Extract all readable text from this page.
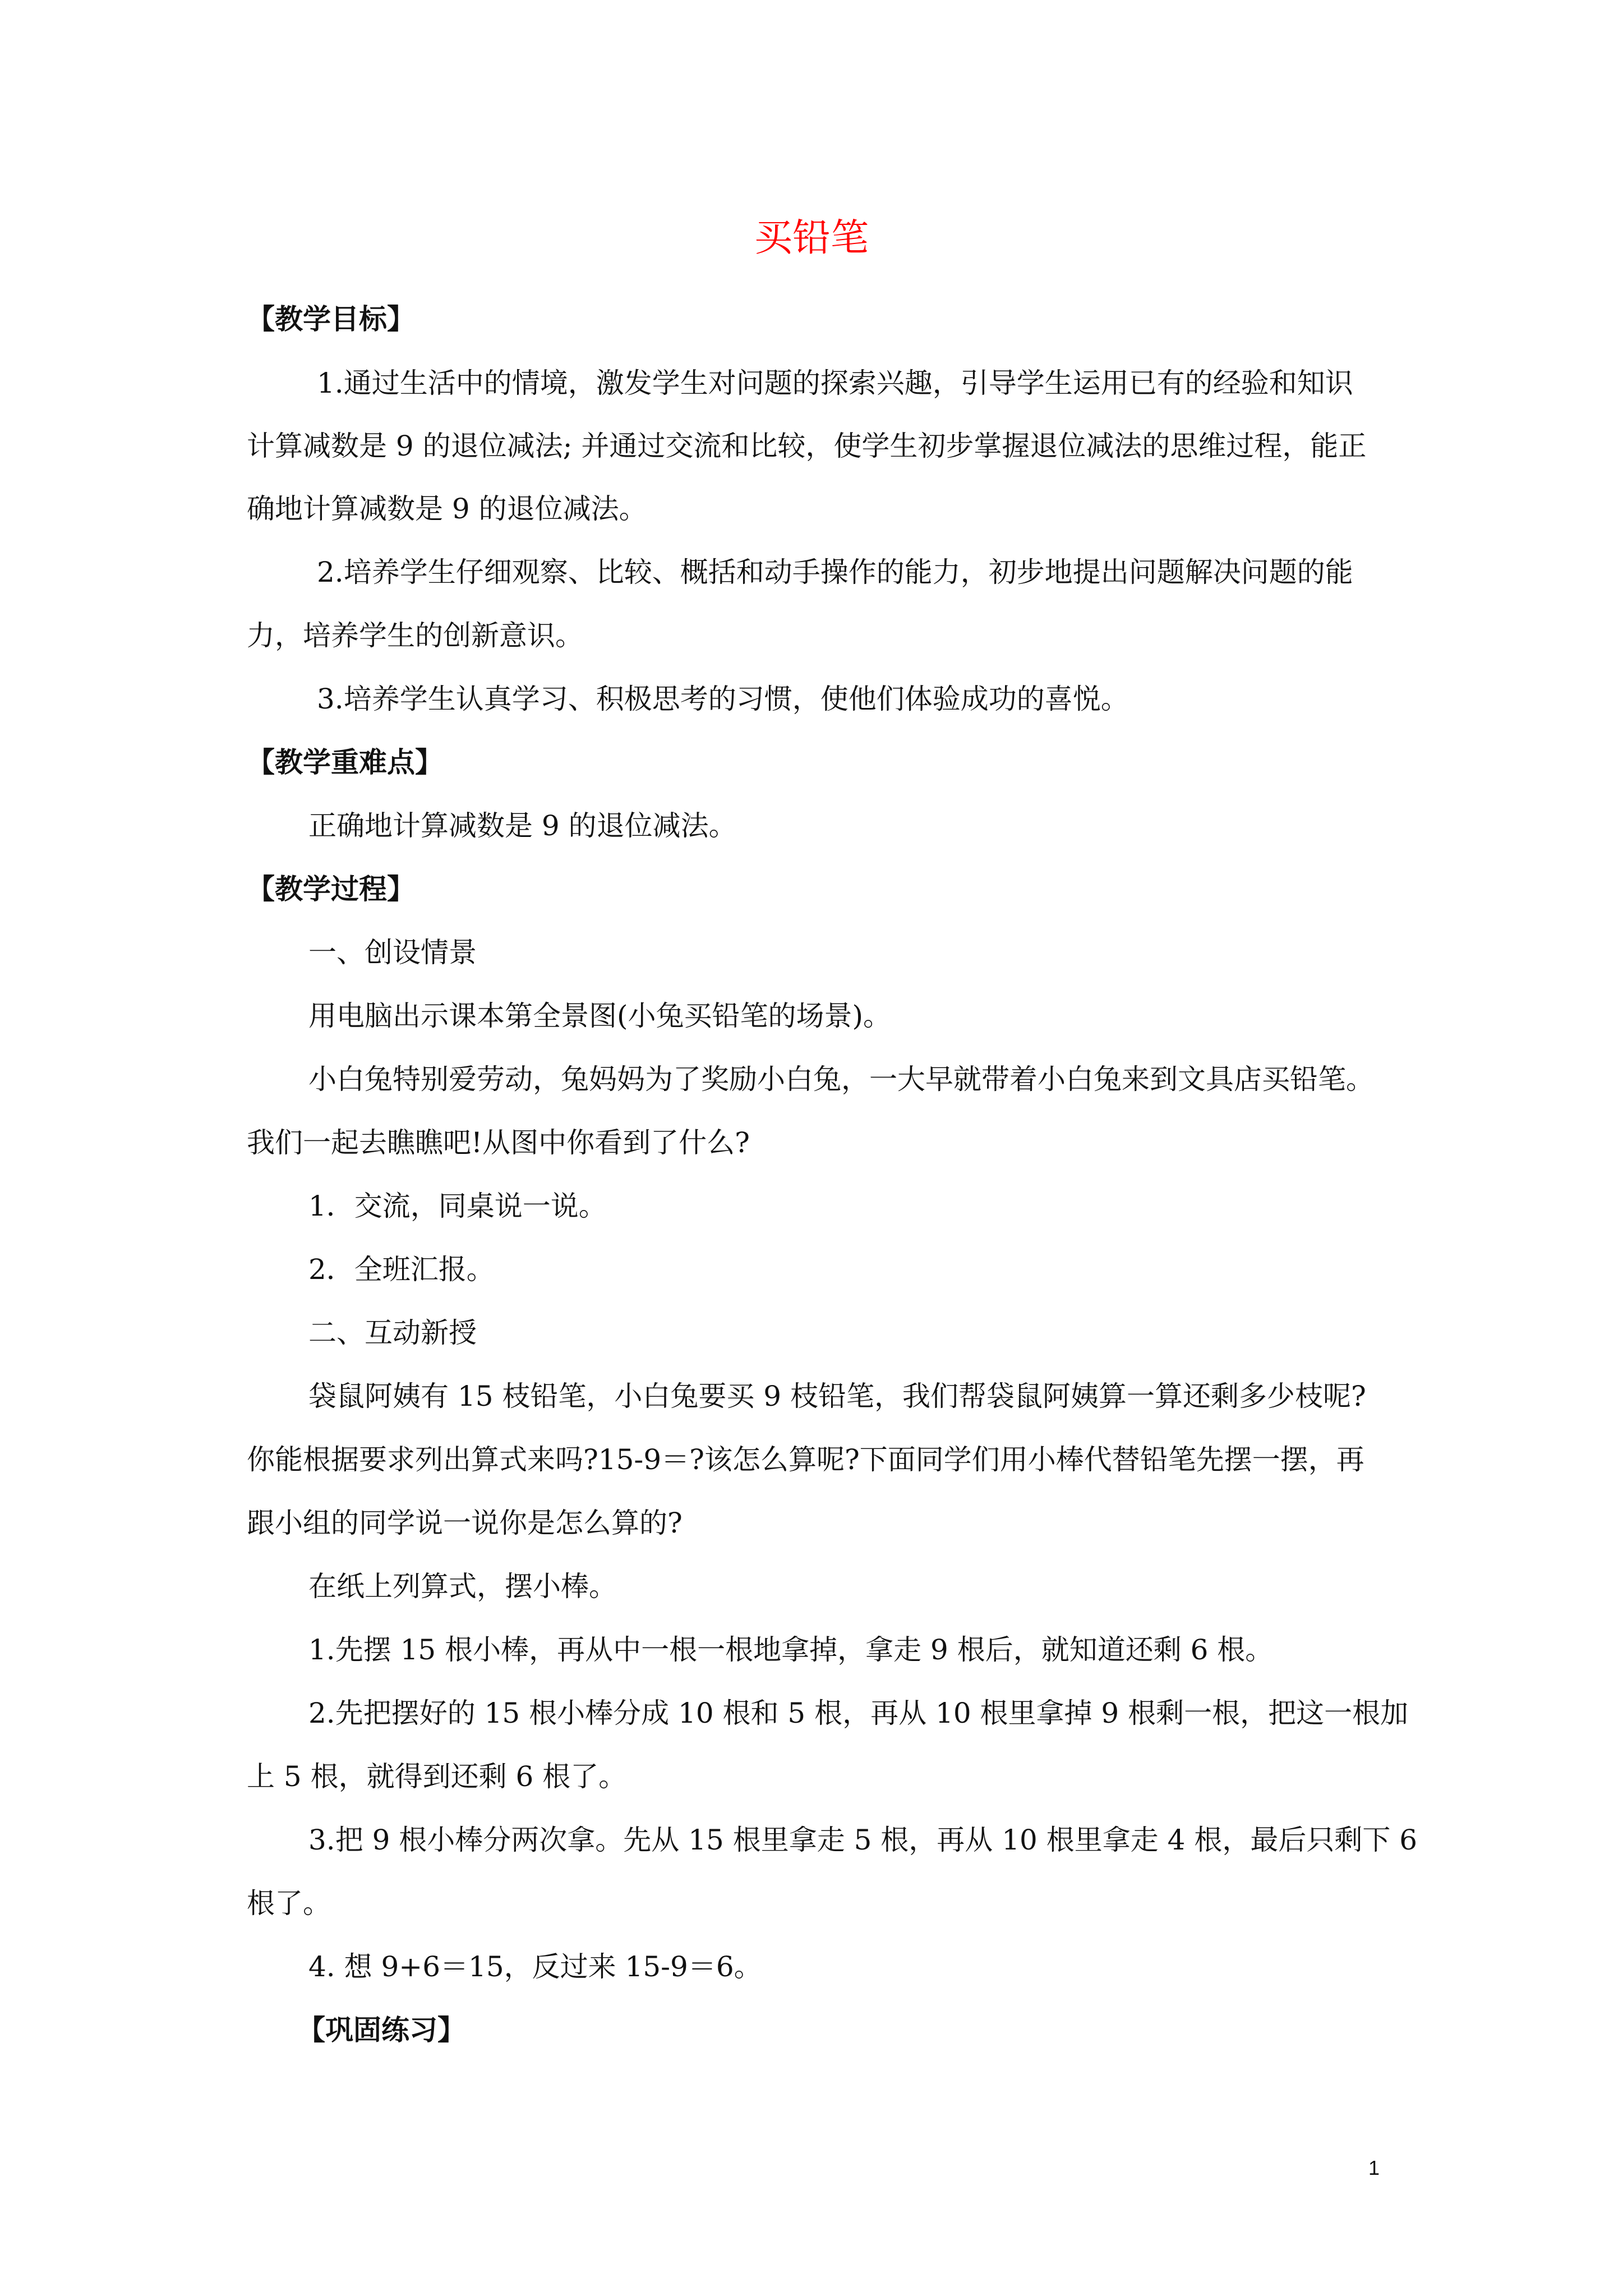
买铅笔
【教学目标】
1.通过生活中的情境，激发学生对问题的探索兴趣，引导学生运用已有的经验和知识
计算减数是 9 的退位减法; 并通过交流和比较，使学生初步掌握退位减法的思维过程，能正
确地计算减数是 9 的退位减法。
2.培养学生仔细观察、比较、概括和动手操作的能力，初步地提出问题解决问题的能
力，培养学生的创新意识。
3.培养学生认真学习、积极思考的习惯，使他们体验成功的喜悦。
【教学重难点】
正确地计算减数是 9 的退位减法。
【教学过程】
一、创设情景
用电脑出示课本第全景图(小兔买铅笔的场景)。
小白兔特别爱劳动，兔妈妈为了奖励小白兔，一大早就带着小白兔来到文具店买铅笔。
我们一起去瞧瞧吧!从图中你看到了什么?
1．交流，同桌说一说。
2．全班汇报。
二、互动新授
袋鼠阿姨有 15 枝铅笔，小白兔要买 9 枝铅笔，我们帮袋鼠阿姨算一算还剩多少枝呢?
你能根据要求列出算式来吗?15-9＝?该怎么算呢?下面同学们用小棒代替铅笔先摆一摆，再
跟小组的同学说一说你是怎么算的?
在纸上列算式，摆小棒。
1.先摆 15 根小棒，再从中一根一根地拿掉，拿走 9 根后，就知道还剩 6 根。
2.先把摆好的 15 根小棒分成 10 根和 5 根，再从 10 根里拿掉 9 根剩一根，把这一根加
上 5 根，就得到还剩 6 根了。
3.把 9 根小棒分两次拿。先从 15 根里拿走 5 根，再从 10 根里拿走 4 根，最后只剩下 6
根了。
4. 想 9+6＝15，反过来 15-9＝6。
【巩固练习】
1
